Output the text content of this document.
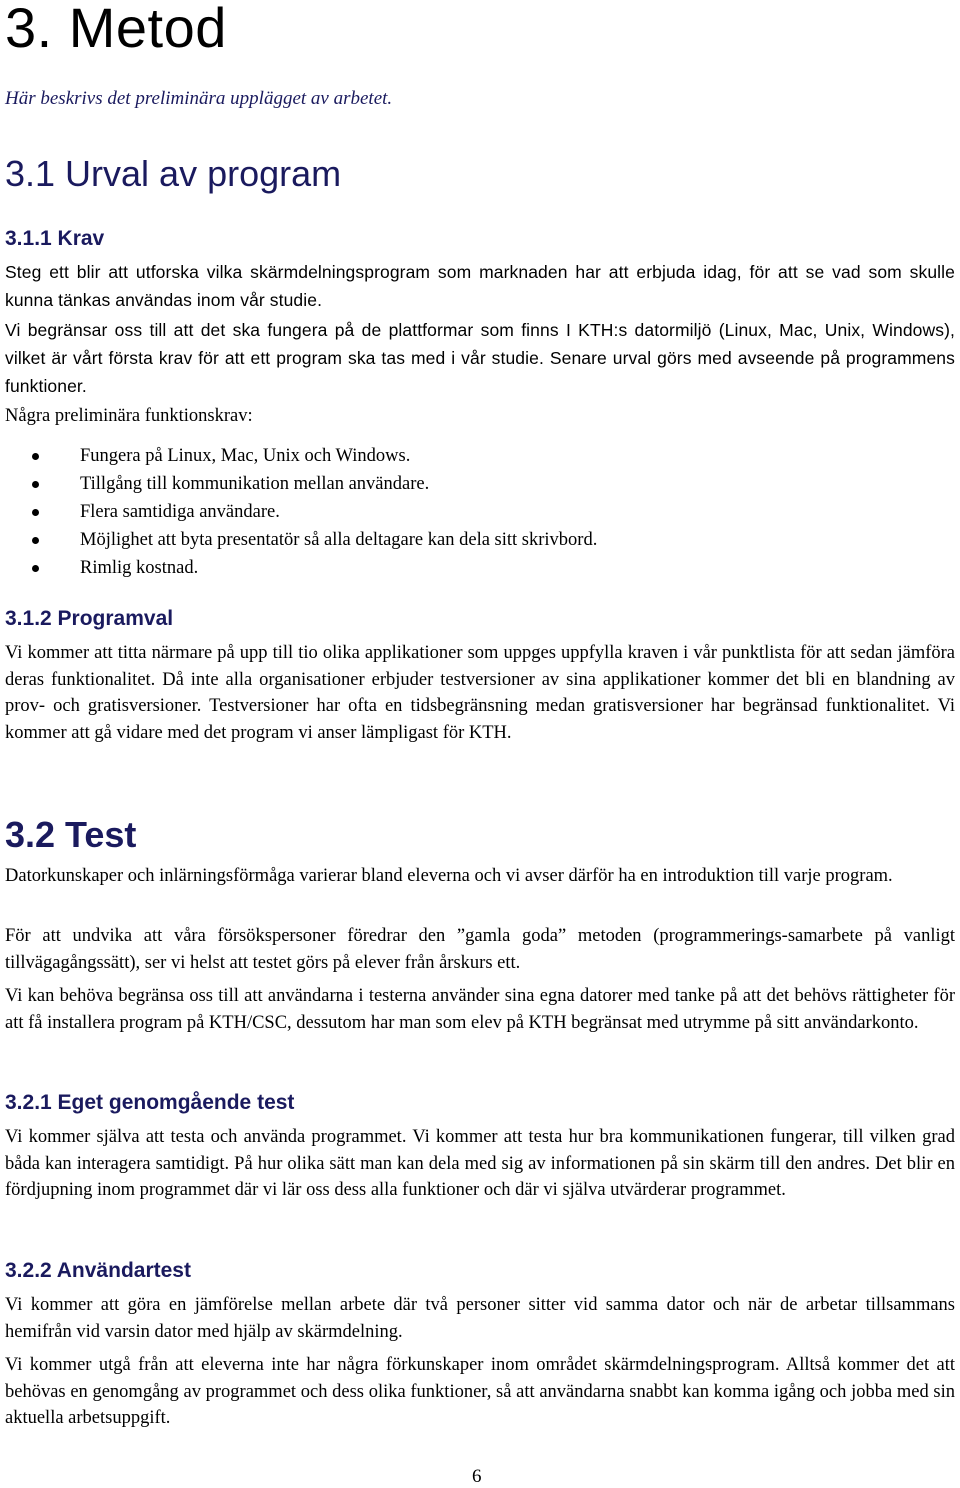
3. Metod
Här beskrivs det preliminära upplägget av arbetet.
3.1 Urval av program
3.1.1 Krav

Steg ett blir att utforska vilka skärmdelningsprogram som marknaden har att erbjuda idag, för att se vad som skulle kunna tänkas användas inom vår studie.

Vi begränsar oss till att det ska fungera på de plattformar som finns I KTH:s datormiljö (Linux, Mac, Unix, Windows), vilket är vårt första krav för att ett program ska tas med i vår studie. Senare urval görs med avseende på programmens funktioner.

Några preliminära funktionskrav:

Fungera på Linux, Mac, Unix och Windows.
Tillgång till kommunikation mellan användare.
Flera samtidiga användare.
Möjlighet att byta presentatör så alla deltagare kan dela sitt skrivbord.
Rimlig kostnad.
3.1.2 Programval

Vi kommer att titta närmare på upp till tio olika applikationer som uppges uppfylla kraven i vår punktlista för att sedan jämföra deras funktionalitet. Då inte alla organisationer erbjuder testversioner av sina applikationer kommer det bli en blandning av prov- och gratisversioner. Testversioner har ofta en tidsbegränsning medan gratisversioner har begränsad funktionalitet. Vi kommer att gå vidare med det program vi anser lämpligast för KTH.

3.2 Test

Datorkunskaper och inlärningsförmåga varierar bland eleverna och vi avser därför ha en introduktion till varje program.

För att undvika att våra försökspersoner föredrar den ”gamla goda” metoden (programmerings-samarbete på vanligt tillvägagångssätt), ser vi helst att testet görs på elever från årskurs ett.

Vi kan behöva begränsa oss till att användarna i testerna använder sina egna datorer med tanke på att det behövs rättigheter för att få installera program på KTH/CSC, dessutom har man som elev på KTH begränsat med utrymme på sitt användarkonto.

3.2.1 Eget genomgående test

Vi kommer själva att testa och använda programmet. Vi kommer att testa hur bra kommunikationen fungerar, till vilken grad båda kan interagera samtidigt. På hur olika sätt man kan dela med sig av informationen på sin skärm till den andres. Det blir en fördjupning inom programmet där vi lär oss dess alla funktioner och där vi själva utvärderar programmet.

3.2.2 Användartest

Vi kommer att göra en jämförelse mellan arbete där två personer sitter vid samma dator och när de arbetar tillsammans hemifrån vid varsin dator med hjälp av skärmdelning.

Vi kommer utgå från att eleverna inte har några förkunskaper inom området skärmdelningsprogram. Alltså kommer det att behövas en genomgång av programmet och dess olika funktioner, så att användarna snabbt kan komma igång och jobba med sin aktuella arbetsuppgift.

6
